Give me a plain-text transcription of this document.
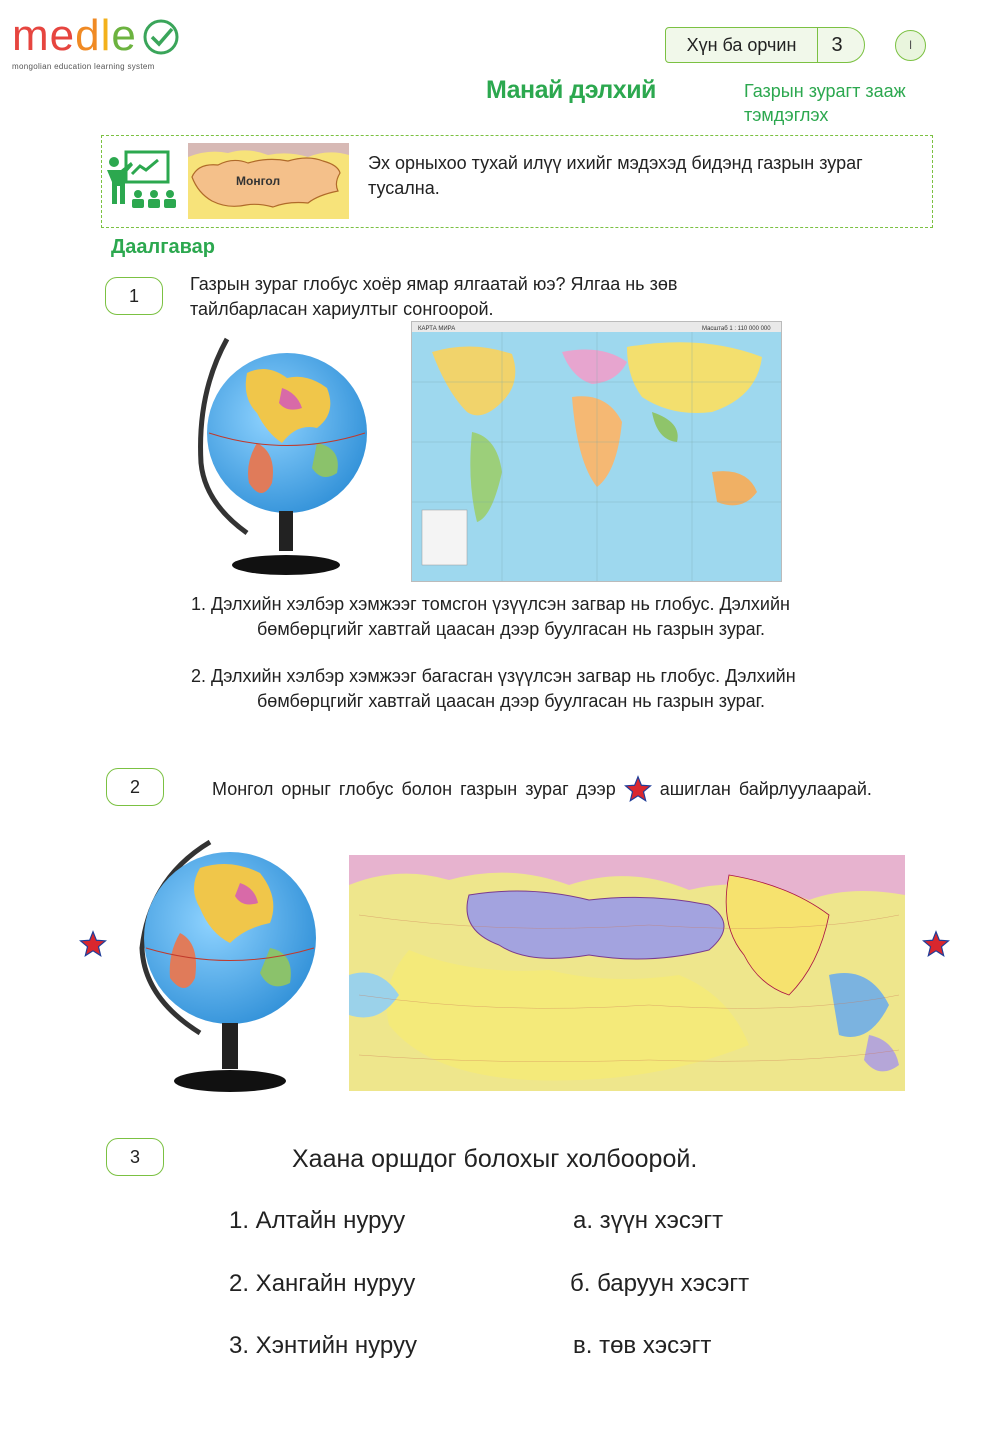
medle
mongolian education learning system
Хүн ба орчин	3	I
Манай дэлхий	Газрын зурагт зааж тэмдэглэх
Монгол
Эх орныхоо тухай илүү ихийг мэдэхэд бидэнд газрын зураг тусална.
Даалгавар
1
Газрын зураг глобус хоёр ямар ялгаатай юэ? Ялгаа нь зөв тайлбарласан хариултыг сонгоорой.
КАРТА МИРА	Масштаб 1 : 110 000 000
1. Дэлхийн хэлбэр хэмжээг томсгон үзүүлсэн загвар нь глобус. Дэлхийн
бөмбөрцгийг хавтгай цаасан дээр буулгасан нь газрын зураг.
2. Дэлхийн хэлбэр хэмжээг багасган үзүүлсэн загвар нь глобус. Дэлхийн
бөмбөрцгийг хавтгай цаасан дээр буулгасан нь газрын зураг.
2	Монгол орныг глобус болон газрын зураг дээр ашиглан байрлуулаарай.
3	Хаана оршдог болохыг холбоорой.
1. Алтайн нуруу
2. Хангайн нуруу
3. Хэнтийн нуруу
а. зүүн хэсэгт
б. баруун хэсэгт
в. төв хэсэгт
